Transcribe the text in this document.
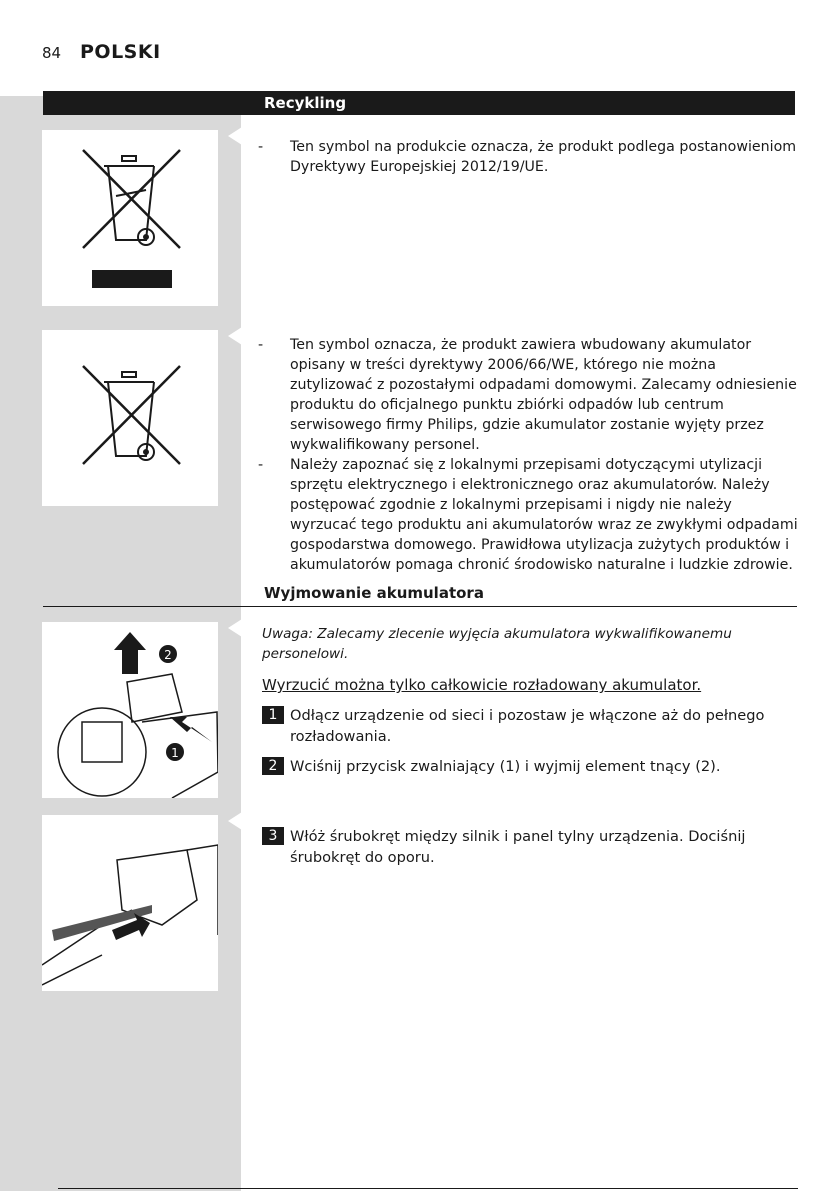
84 POLSKI
Recykling
-	Ten symbol na produkcie oznacza, że produkt podlega postanowieniom Dyrektywy Europejskiej 2012/19/UE.
-	Ten symbol oznacza, że produkt zawiera wbudowany akumulator opisany w treści dyrektywy 2006/66/WE, którego nie można zutylizować z pozostałymi odpadami domowymi. Zalecamy odniesienie produktu do oficjalnego punktu zbiórki odpadów lub centrum serwisowego firmy Philips, gdzie akumulator zostanie wyjęty przez wykwalifikowany personel.
-	Należy zapoznać się z lokalnymi przepisami dotyczącymi utylizacji sprzętu elektrycznego i elektronicznego oraz akumulatorów. Należy postępować zgodnie z lokalnymi przepisami i nigdy nie należy wyrzucać tego produktu ani akumulatorów wraz ze zwykłymi odpadami gospodarstwa domowego. Prawidłowa utylizacja zużytych produktów i akumulatorów pomaga chronić środowisko naturalne i ludzkie zdrowie.
Wyjmowanie akumulatora
2
1
Uwaga: Zalecamy zlecenie wyjęcia akumulatora wykwalifikowanemu personelowi.
Wyrzucić można tylko całkowicie rozładowany akumulator.
1 Odłącz urządzenie od sieci i pozostaw je włączone aż do pełnego rozładowania.
2 Wciśnij przycisk zwalniający (1) i wyjmij element tnący (2).
3 Włóż śrubokręt między silnik i panel tylny urządzenia. Dociśnij śrubokręt do oporu.
